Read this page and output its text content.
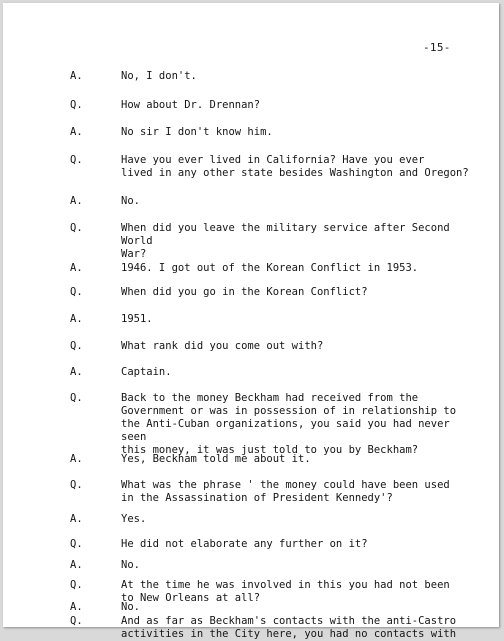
-15-
A.	No, I don't.
Q.	How about Dr. Drennan?
A.	No sir I don't know him.
Q.	Have you ever lived in California? Have you ever
lived in any other state besides Washington and Oregon?
A.	No.
Q.	When did you leave the military service after Second World
War?
A.	1946. I got out of the Korean Conflict in 1953.
Q.	When did you go in the Korean Conflict?
A.	1951.
Q.	What rank did you come out with?
A.	Captain.
Q.	Back to the money Beckham had received from the
Government or was in possession of in relationship to
the Anti-Cuban organizations, you said you had never seen
this money, it was just told to you by Beckham?
A.	Yes, Beckham told me about it.
Q.	What was the phrase ' the money could have been used
in the Assassination of President Kennedy'?
A.	Yes.
Q.	He did not elaborate any further on it?
A.	No.
Q.	At the time he was involved in this you had not been
to New Orleans at all?
A.	No.
Q.	And as far as Beckham's contacts with the anti-Castro
activities in the City here, you had no contacts with
